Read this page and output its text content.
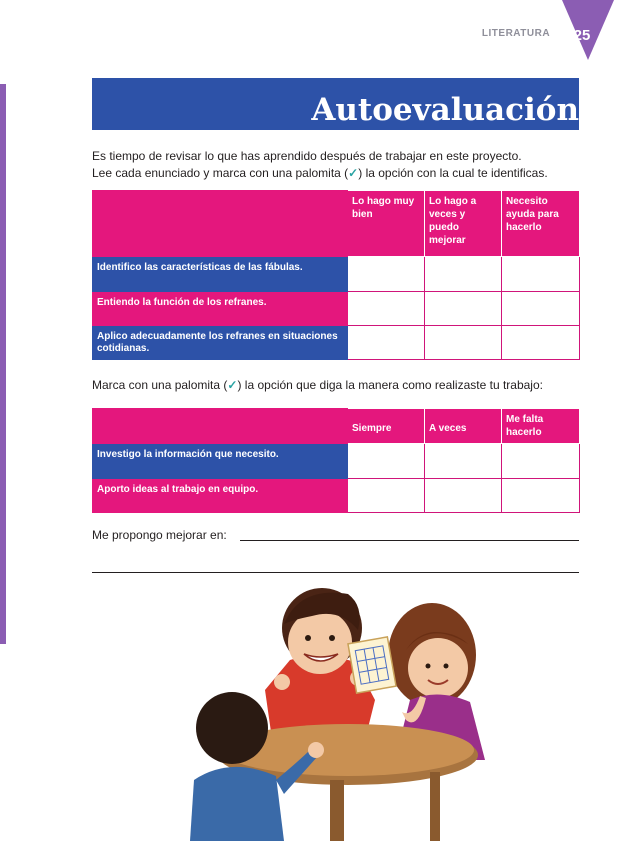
25
LITERATURA
Autoevaluación
Es tiempo de revisar lo que has aprendido después de trabajar en este proyecto.
Lee cada enunciado y marca con una palomita (✓) la opción con la cual te identificas.
	Lo hago muy bien	Lo hago a veces y puedo mejorar	Necesito ayuda para hacerlo
Identifico las características de las fábulas.			
Entiendo la función de los refranes.			
Aplico adecuadamente los refranes en situaciones cotidianas.			
Marca con una palomita (✓) la opción que diga la manera como realizaste tu trabajo:
	Siempre	A veces	Me falta hacerlo
Investigo la información que necesito.			
Aporto ideas al trabajo en equipo.			
Me propongo mejorar en:
